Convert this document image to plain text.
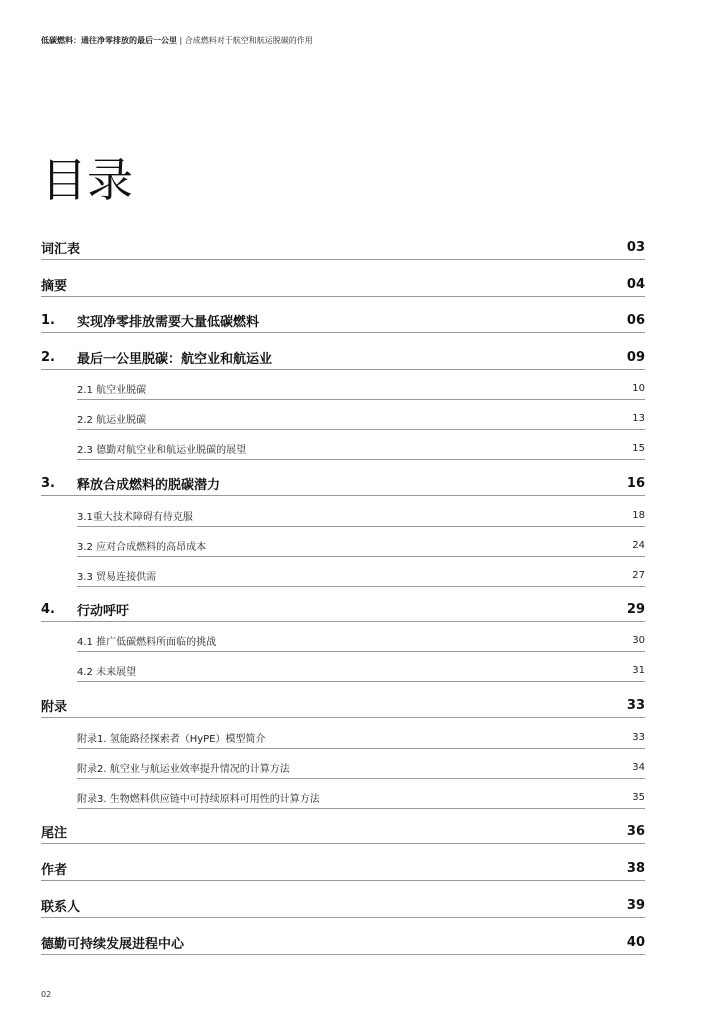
低碳燃料：通往净零排放的最后一公里 | 合成燃料对于航空和航运脱碳的作用
目录
词汇表	03
摘要	04
1.	实现净零排放需要大量低碳燃料	06
2.	最后一公里脱碳：航空业和航运业	09
2.1 航空业脱碳	10
2.2 航运业脱碳	13
2.3 德勤对航空业和航运业脱碳的展望	15
3.	释放合成燃料的脱碳潜力	16
3.1重大技术障碍有待克服	18
3.2 应对合成燃料的高昂成本	24
3.3 贸易连接供需	27
4.	行动呼吁	29
4.1 推广低碳燃料所面临的挑战	30
4.2 未来展望	31
附录	33
附录1. 氢能路径探索者（HyPE）模型简介	33
附录2. 航空业与航运业效率提升情况的计算方法	34
附录3. 生物燃料供应链中可持续原料可用性的计算方法	35
尾注	36
作者	38
联系人	39
德勤可持续发展进程中心	40
02
